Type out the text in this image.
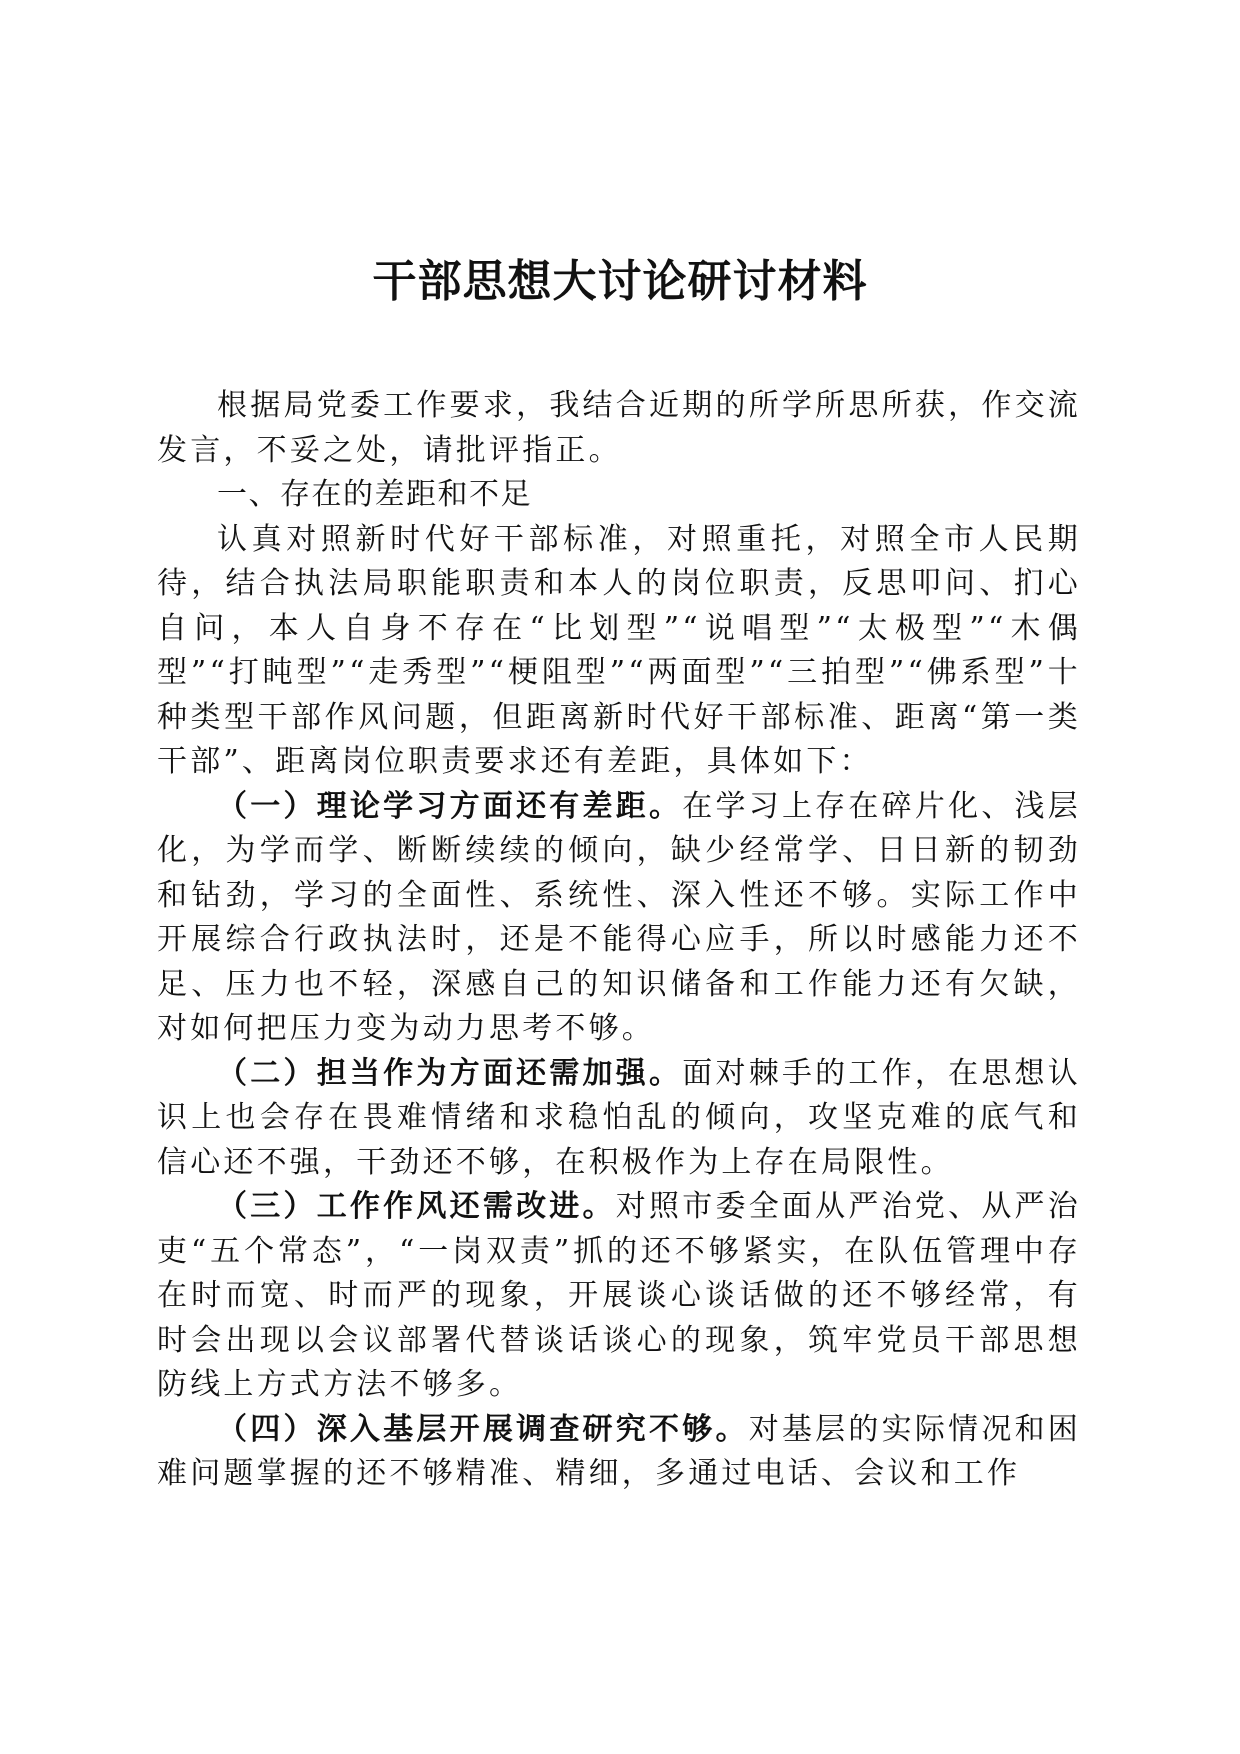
干部思想大讨论研讨材料

根据局党委工作要求，我结合近期的所学所思所获，作交流发言，不妥之处，请批评指正。

一、存在的差距和不足

认真对照新时代好干部标准，对照重托，对照全市人民期待，结合执法局职能职责和本人的岗位职责，反思叩问、扪心自问，本人自身不存在“比划型”“说唱型”“太极型”“木偶型”“打盹型”“走秀型”“梗阻型”“两面型”“三拍型”“佛系型”十种类型干部作风问题，但距离新时代好干部标准、距离“第一类干部”、距离岗位职责要求还有差距，具体如下：

（一）理论学习方面还有差距。在学习上存在碎片化、浅层化，为学而学、断断续续的倾向，缺少经常学、日日新的韧劲和钻劲，学习的全面性、系统性、深入性还不够。实际工作中开展综合行政执法时，还是不能得心应手，所以时感能力还不足、压力也不轻，深感自己的知识储备和工作能力还有欠缺，对如何把压力变为动力思考不够。

（二）担当作为方面还需加强。面对棘手的工作，在思想认识上也会存在畏难情绪和求稳怕乱的倾向，攻坚克难的底气和信心还不强，干劲还不够，在积极作为上存在局限性。

（三）工作作风还需改进。对照市委全面从严治党、从严治吏“五个常态”，“一岗双责”抓的还不够紧实，在队伍管理中存在时而宽、时而严的现象，开展谈心谈话做的还不够经常，有时会出现以会议部署代替谈话谈心的现象，筑牢党员干部思想防线上方式方法不够多。

（四）深入基层开展调查研究不够。对基层的实际情况和困难问题掌握的还不够精准、精细，多通过电话、会议和工作
